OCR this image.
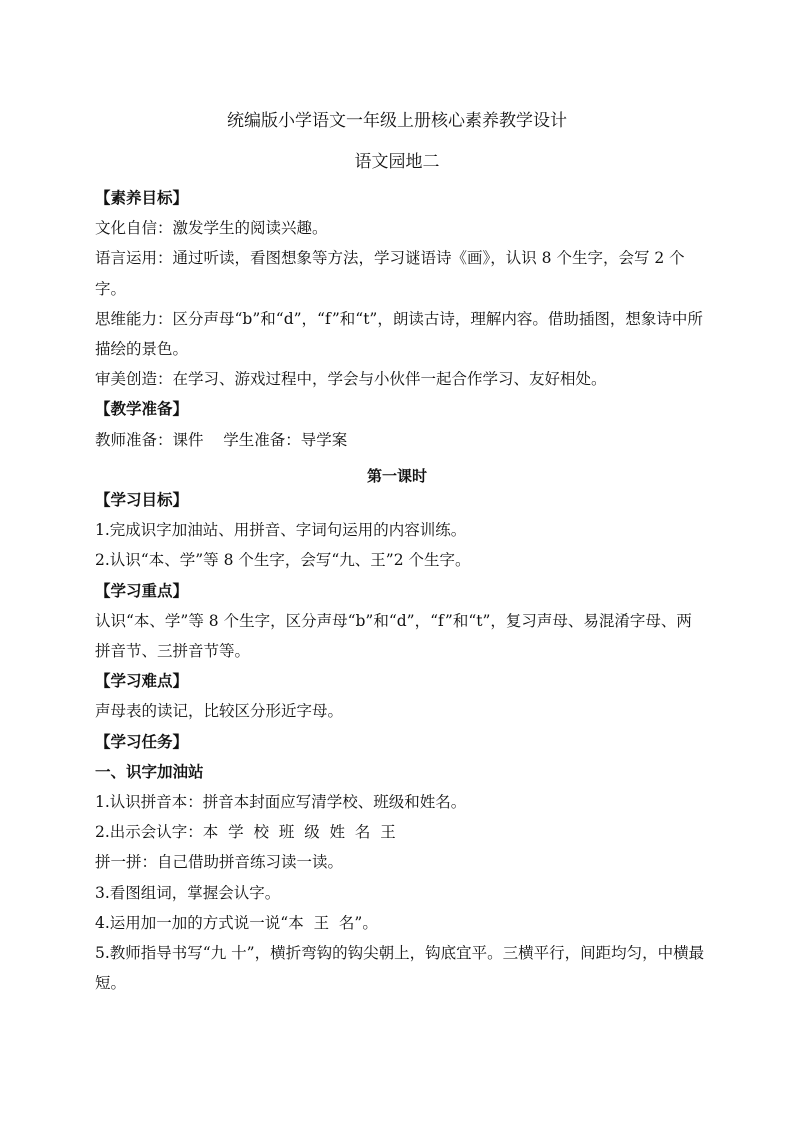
统编版小学语文一年级上册核心素养教学设计
语文园地二
第一课时

【素养目标】

文化自信：激发学生的阅读兴趣。

语言运用：通过听读，看图想象等方法，学习谜语诗《画》，认识 8 个生字，会写 2 个字。

思维能力：区分声母“b”和“d”，“f”和“t”，朗读古诗，理解内容。借助插图，想象诗中所描绘的景色。

审美创造：在学习、游戏过程中，学会与小伙伴一起合作学习、友好相处。

【教学准备】

教师准备：课件    学生准备：导学案

【学习目标】

1.完成识字加油站、用拼音、字词句运用的内容训练。

2.认识“本、学”等 8 个生字，会写“九、王”2 个生字。

【学习重点】

认识“本、学”等 8 个生字，区分声母“b”和“d”，“f”和“t”，复习声母、易混淆字母、两拼音节、三拼音节等。

【学习难点】

声母表的读记，比较区分形近字母。

【学习任务】

一、识字加油站

1.认识拼音本：拼音本封面应写清学校、班级和姓名。

2.出示会认字：本  学  校  班  级  姓  名  王

拼一拼：自己借助拼音练习读一读。

3.看图组词，掌握会认字。

4.运用加一加的方式说一说“本  王  名”。

5.教师指导书写“九 十”，横折弯钩的钩尖朝上，钩底宜平。三横平行，间距均匀，中横最短。
